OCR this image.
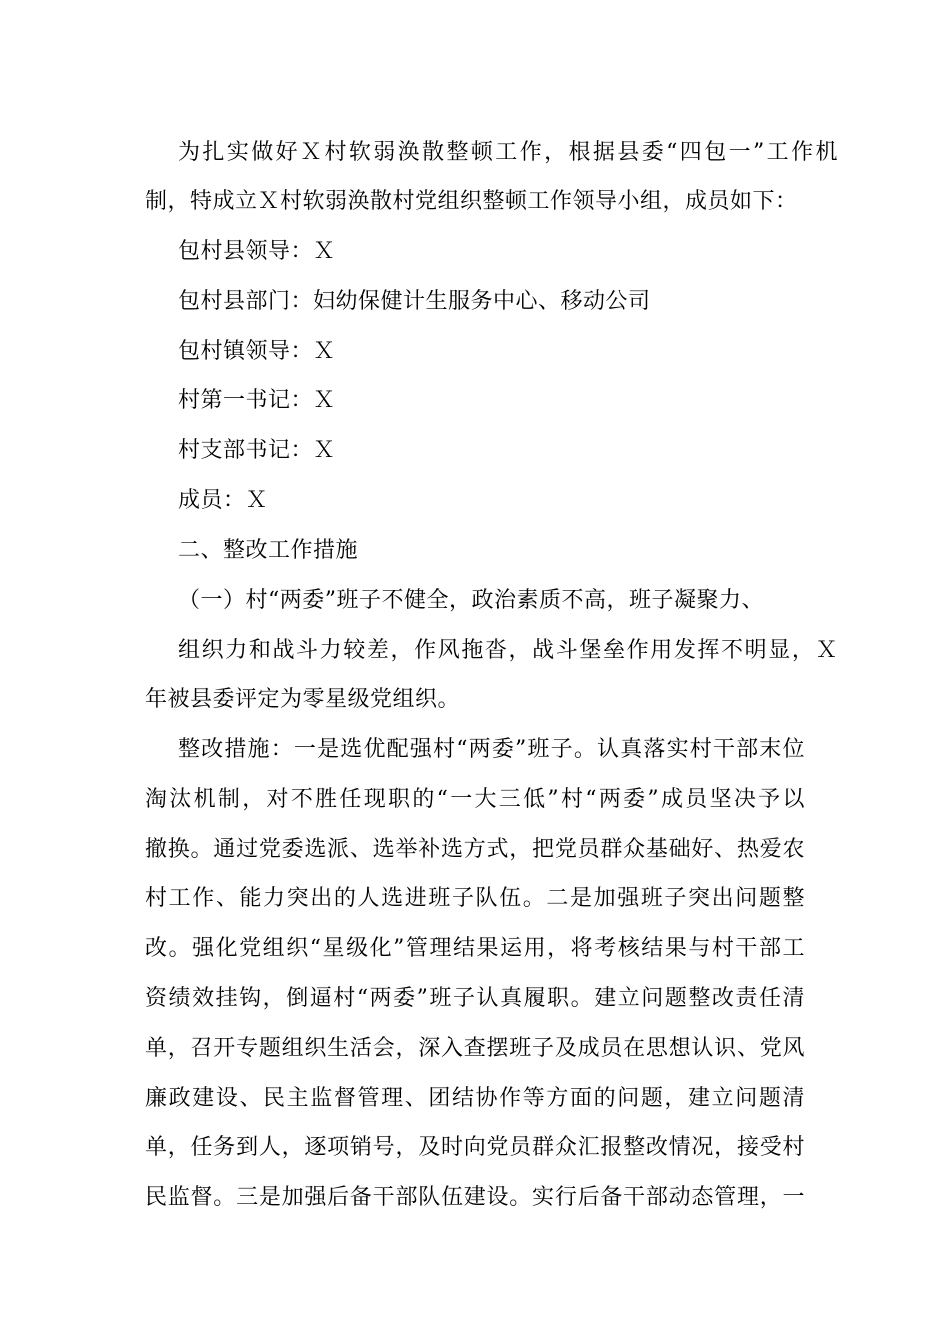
为扎实做好Ｘ村软弱涣散整顿工作，根据县委“四包一”工作机
制，特成立Ｘ村软弱涣散村党组织整顿工作领导小组，成员如下：
包村县领导：Ｘ
包村县部门：妇幼保健计生服务中心、移动公司
包村镇领导：Ｘ
村第一书记：Ｘ
村支部书记：Ｘ
成员：Ｘ
二、整改工作措施
（一）村“两委”班子不健全，政治素质不高，班子凝聚力、
组织力和战斗力较差，作风拖沓，战斗堡垒作用发挥不明显，Ｘ
年被县委评定为零星级党组织。
整改措施：一是选优配强村“两委”班子。认真落实村干部末位
淘汰机制，对不胜任现职的“一大三低”村“两委”成员坚决予以
撤换。通过党委选派、选举补选方式，把党员群众基础好、热爱农
村工作、能力突出的人选进班子队伍。二是加强班子突出问题整
改。强化党组织“星级化”管理结果运用，将考核结果与村干部工
资绩效挂钩，倒逼村“两委”班子认真履职。建立问题整改责任清
单，召开专题组织生活会，深入查摆班子及成员在思想认识、党风
廉政建设、民主监督管理、团结协作等方面的问题，建立问题清
单，任务到人，逐项销号，及时向党员群众汇报整改情况，接受村
民监督。三是加强后备干部队伍建设。实行后备干部动态管理，一
